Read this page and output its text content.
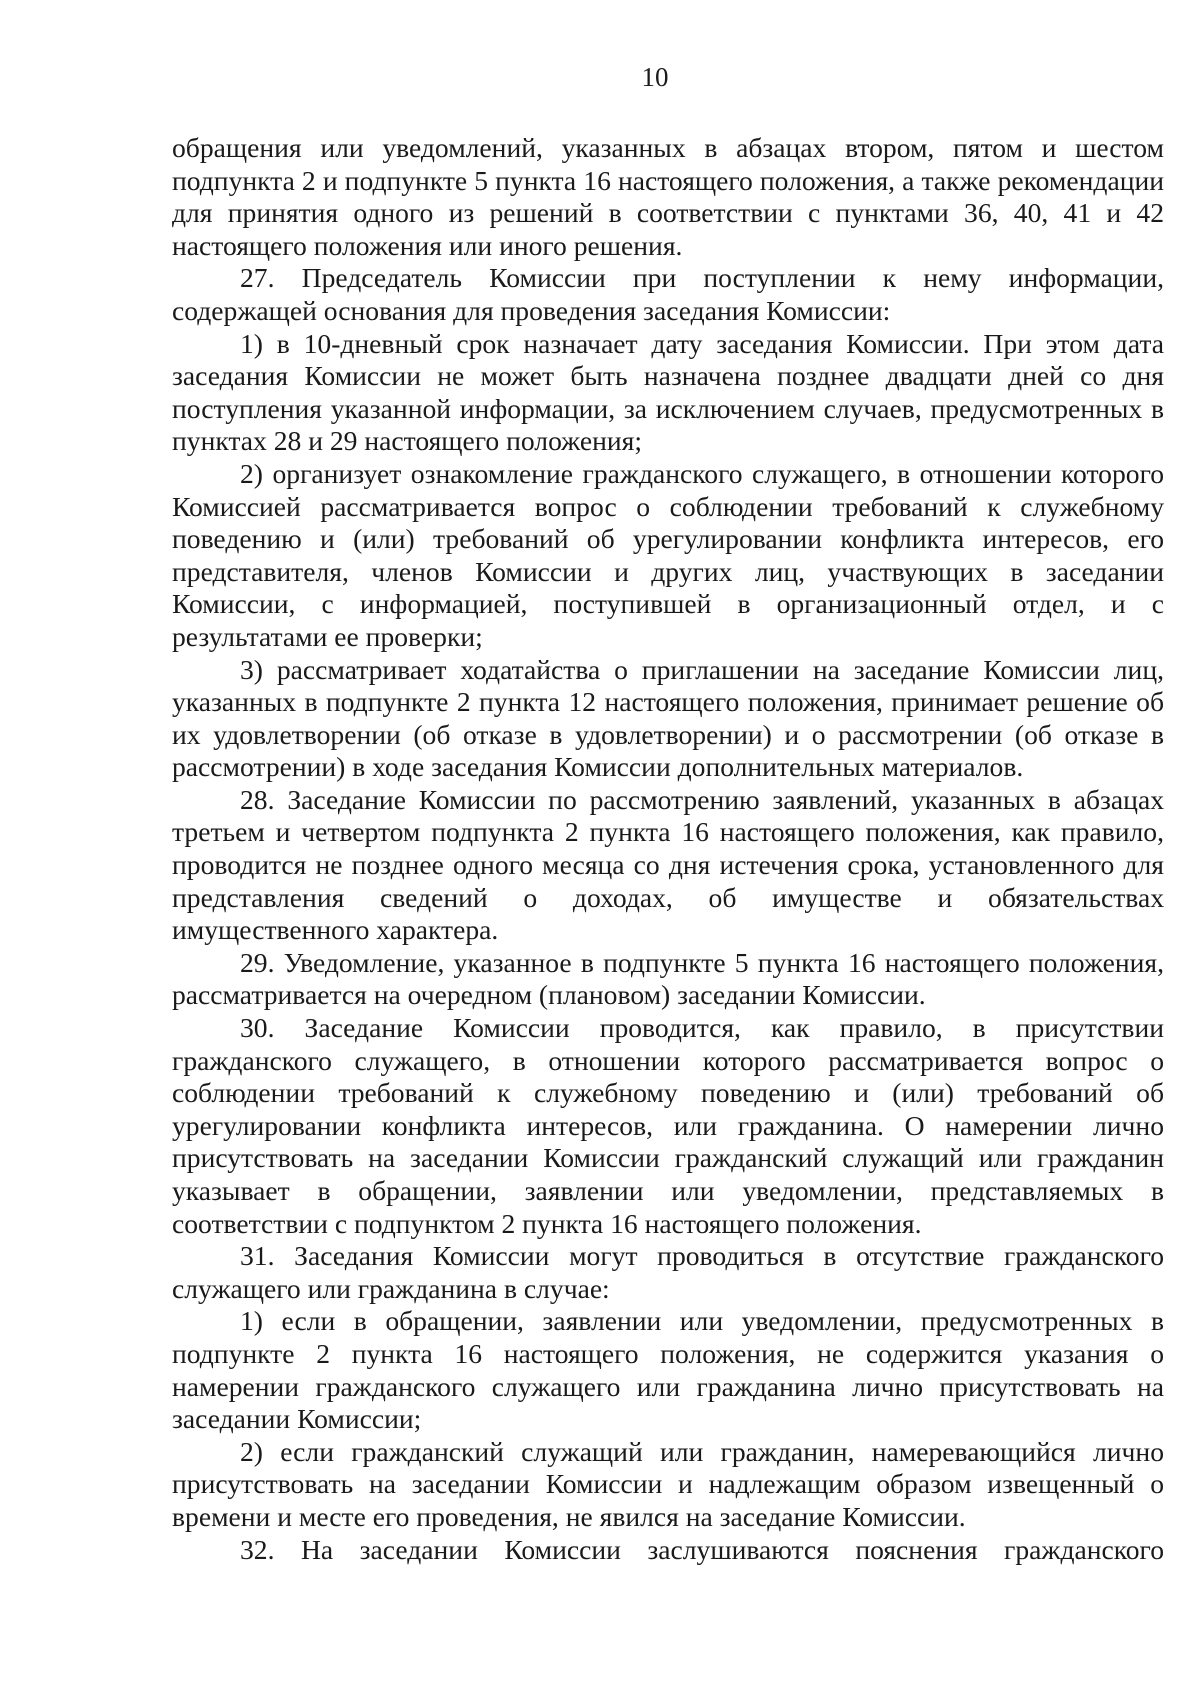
10

обращения или уведомлений, указанных в абзацах втором, пятом и шестом подпункта 2 и подпункте 5 пункта 16 настоящего положения, а также рекомендации для принятия одного из решений в соответствии с пунктами 36, 40, 41 и 42 настоящего положения или иного решения.

27. Председатель Комиссии при поступлении к нему информации, содержащей основания для проведения заседания Комиссии:

1) в 10-дневный срок назначает дату заседания Комиссии. При этом дата заседания Комиссии не может быть назначена позднее двадцати дней со дня поступления указанной информации, за исключением случаев, предусмотренных в пунктах 28 и 29 настоящего положения;

2) организует ознакомление гражданского служащего, в отношении которого Комиссией рассматривается вопрос о соблюдении требований к служебному поведению и (или) требований об урегулировании конфликта интересов, его представителя, членов Комиссии и других лиц, участвующих в заседании Комиссии, с информацией, поступившей в организационный отдел, и с результатами ее проверки;

3) рассматривает ходатайства о приглашении на заседание Комиссии лиц, указанных в подпункте 2 пункта 12 настоящего положения, принимает решение об их удовлетворении (об отказе в удовлетворении) и о рассмотрении (об отказе в рассмотрении) в ходе заседания Комиссии дополнительных материалов.

28. Заседание Комиссии по рассмотрению заявлений, указанных в абзацах третьем и четвертом подпункта 2 пункта 16 настоящего положения, как правило, проводится не позднее одного месяца со дня истечения срока, установленного для представления сведений о доходах, об имуществе и обязательствах имущественного характера.

29. Уведомление, указанное в подпункте 5 пункта 16 настоящего положения, рассматривается на очередном (плановом) заседании Комиссии.

30. Заседание Комиссии проводится, как правило, в присутствии гражданского служащего, в отношении которого рассматривается вопрос о соблюдении требований к служебному поведению и (или) требований об урегулировании конфликта интересов, или гражданина. О намерении лично присутствовать на заседании Комиссии гражданский служащий или гражданин указывает в обращении, заявлении или уведомлении, представляемых в соответствии с подпунктом 2 пункта 16 настоящего положения.

31. Заседания Комиссии могут проводиться в отсутствие гражданского служащего или гражданина в случае:

1) если в обращении, заявлении или уведомлении, предусмотренных в подпункте 2 пункта 16 настоящего положения, не содержится указания о намерении гражданского служащего или гражданина лично присутствовать на заседании Комиссии;

2) если гражданский служащий или гражданин, намеревающийся лично присутствовать на заседании Комиссии и надлежащим образом извещенный о времени и месте его проведения, не явился на заседание Комиссии.

32. На заседании Комиссии заслушиваются пояснения гражданского
